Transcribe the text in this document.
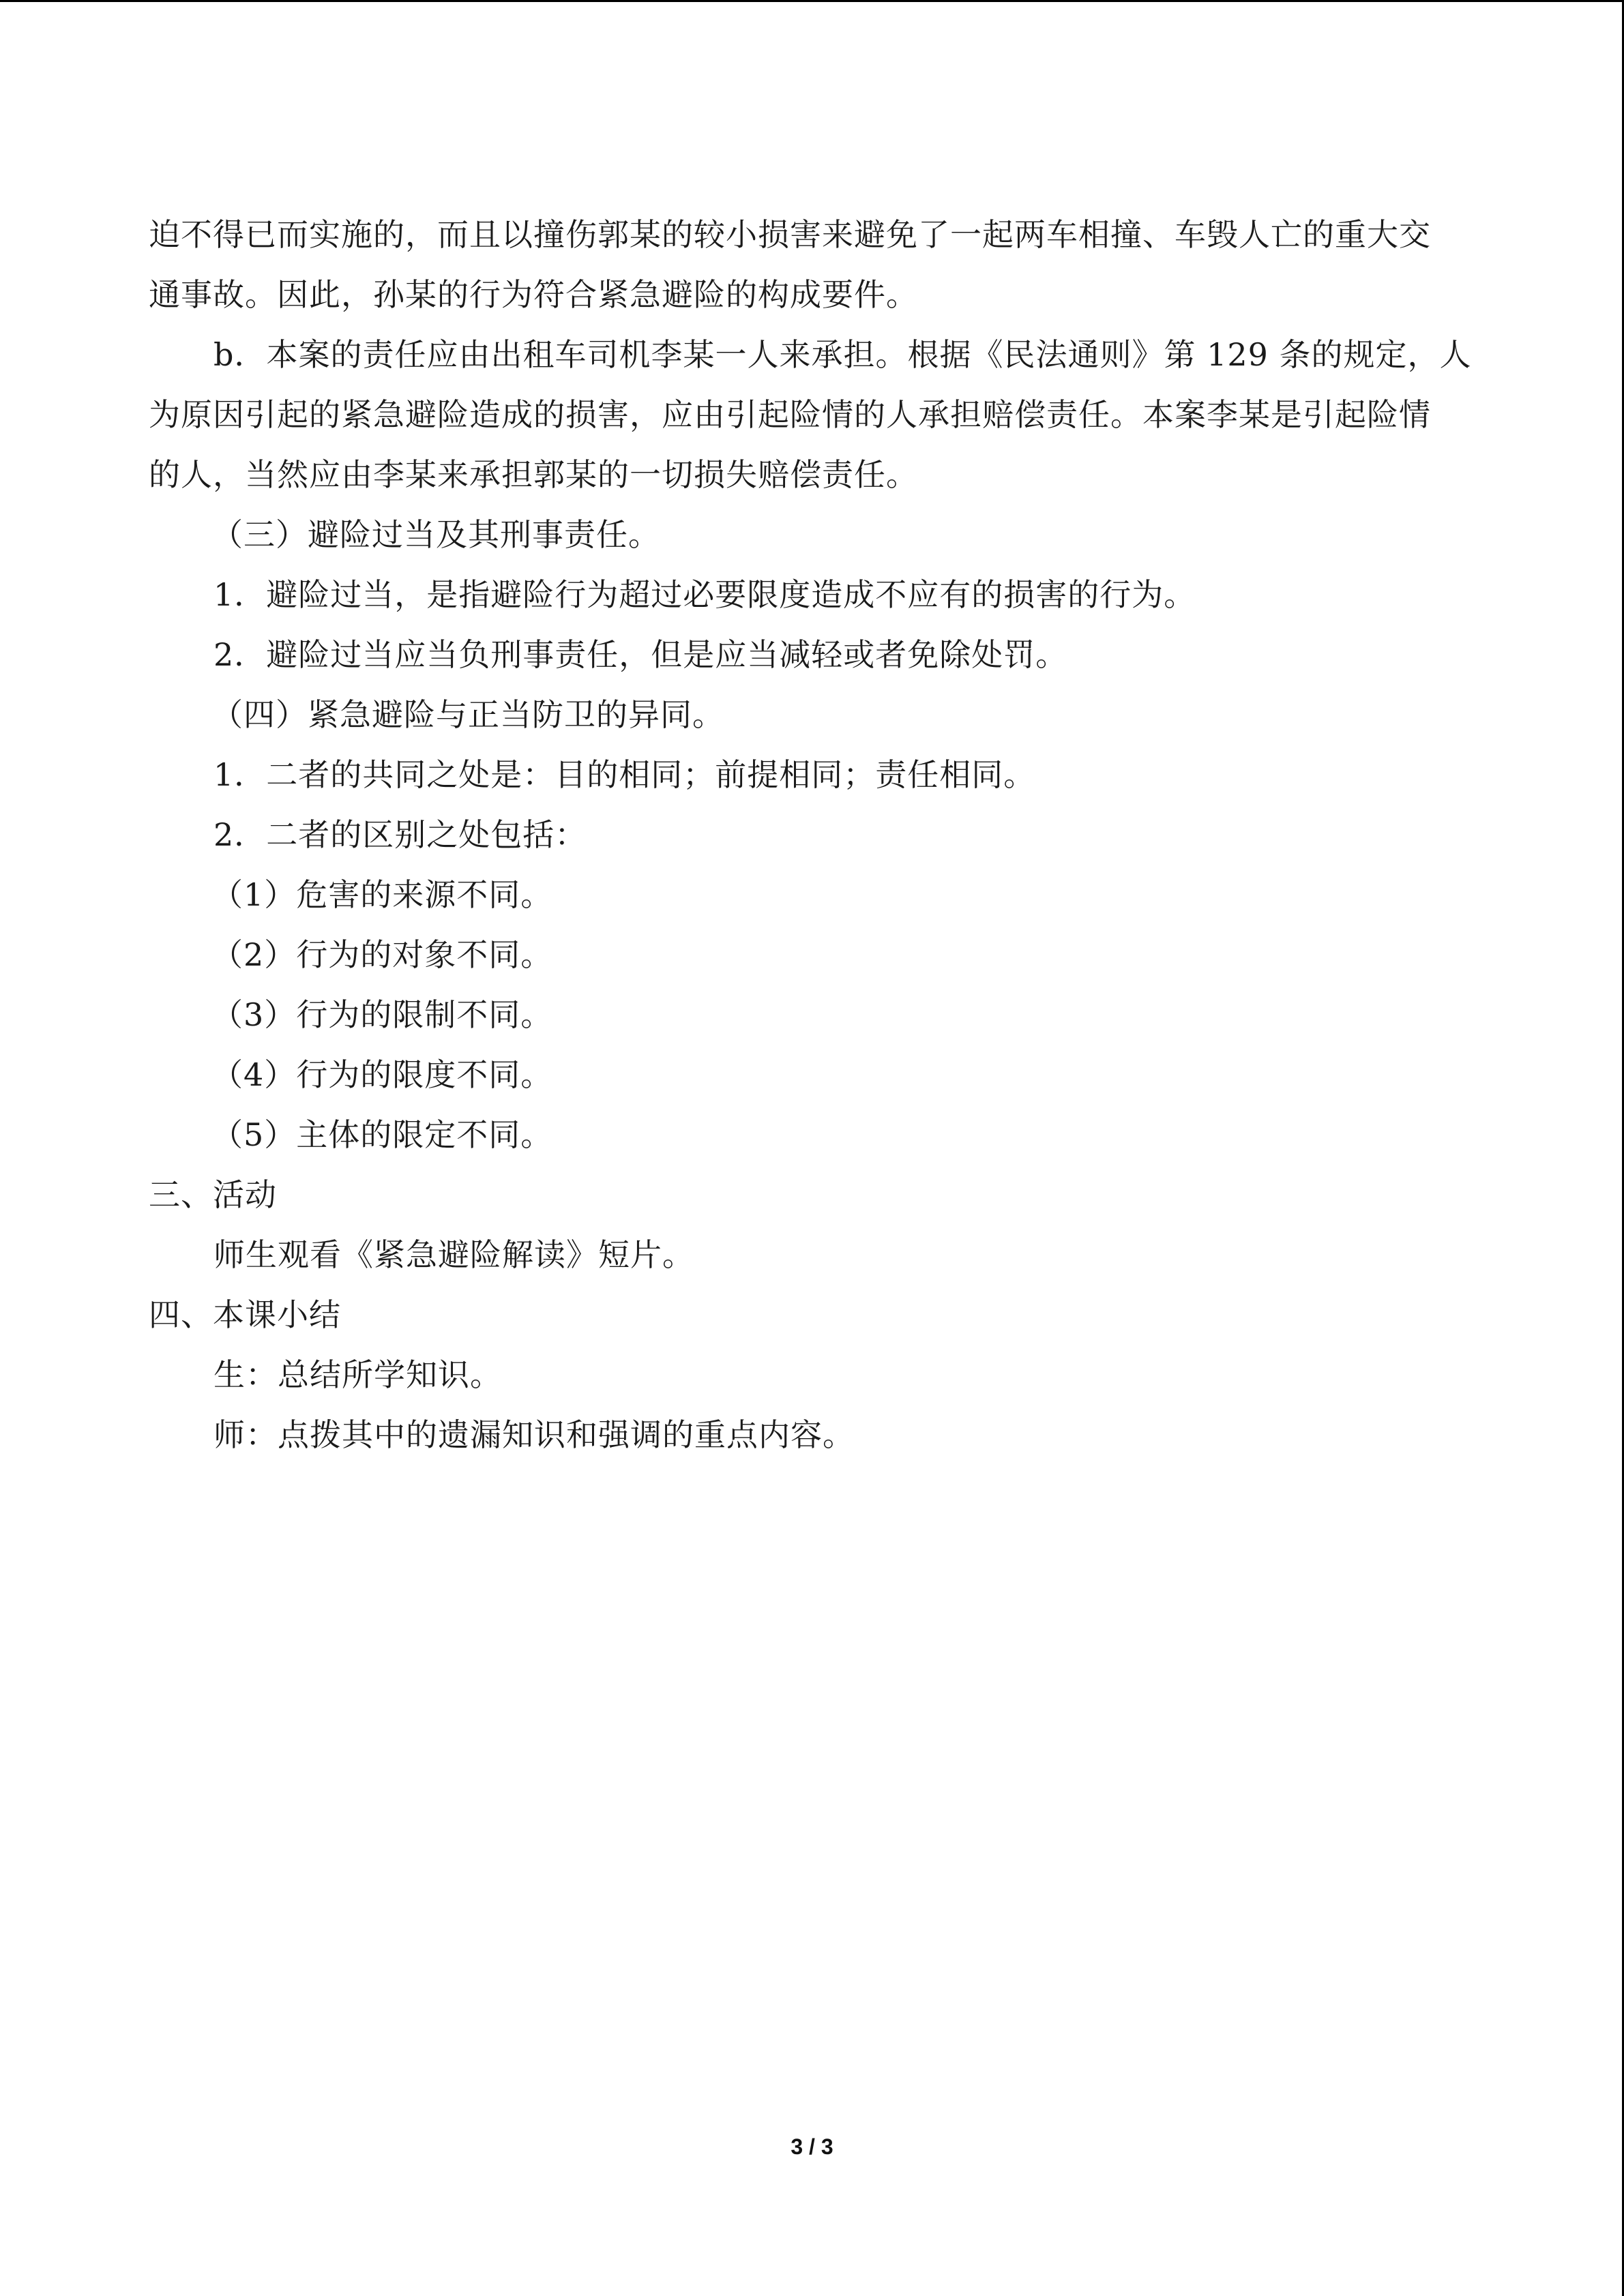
迫不得已而实施的，而且以撞伤郭某的较小损害来避免了一起两车相撞、车毁人亡的重大交
通事故。因此，孙某的行为符合紧急避险的构成要件。
b．本案的责任应由出租车司机李某一人来承担。根据《民法通则》第 129 条的规定，人
为原因引起的紧急避险造成的损害，应由引起险情的人承担赔偿责任。本案李某是引起险情
的人，当然应由李某来承担郭某的一切损失赔偿责任。
（三）避险过当及其刑事责任。
1．避险过当，是指避险行为超过必要限度造成不应有的损害的行为。
2．避险过当应当负刑事责任，但是应当减轻或者免除处罚。
（四）紧急避险与正当防卫的异同。
1．二者的共同之处是：目的相同；前提相同；责任相同。
2．二者的区别之处包括：
（1）危害的来源不同。
（2）行为的对象不同。
（3）行为的限制不同。
（4）行为的限度不同。
（5）主体的限定不同。
三、活动
师生观看《紧急避险解读》短片。
四、本课小结
生：总结所学知识。
师：点拨其中的遗漏知识和强调的重点内容。
3 / 3
